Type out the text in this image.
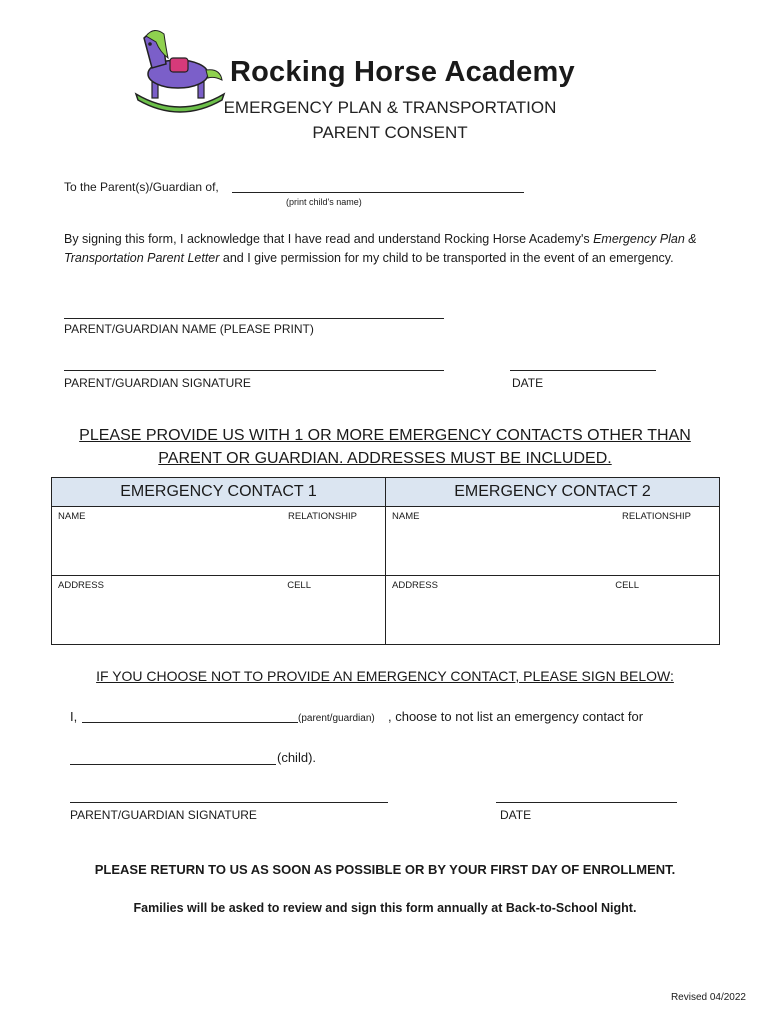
Rocking Horse Academy
EMERGENCY PLAN & TRANSPORTATION
PARENT CONSENT
To the Parent(s)/Guardian of,
(print child's name)
By signing this form, I acknowledge that I have read and understand Rocking Horse Academy's Emergency Plan & Transportation Parent Letter and I give permission for my child to be transported in the event of an emergency.
PARENT/GUARDIAN NAME (PLEASE PRINT)
PARENT/GUARDIAN SIGNATURE	DATE
PLEASE PROVIDE US WITH 1 OR MORE EMERGENCY CONTACTS OTHER THAN
PARENT OR GUARDIAN. ADDRESSES MUST BE INCLUDED.
EMERGENCY CONTACT 1	EMERGENCY CONTACT 2
NAME RELATIONSHIP	NAME RELATIONSHIP

ADDRESS CELL	ADDRESS CELL
IF YOU CHOOSE NOT TO PROVIDE AN EMERGENCY CONTACT, PLEASE SIGN BELOW:
I,	(parent/guardian) , choose to not list an emergency contact for
(child).
PARENT/GUARDIAN SIGNATURE	DATE
PLEASE RETURN TO US AS SOON AS POSSIBLE OR BY YOUR FIRST DAY OF ENROLLMENT.
Families will be asked to review and sign this form annually at Back-to-School Night.
Revised 04/2022
